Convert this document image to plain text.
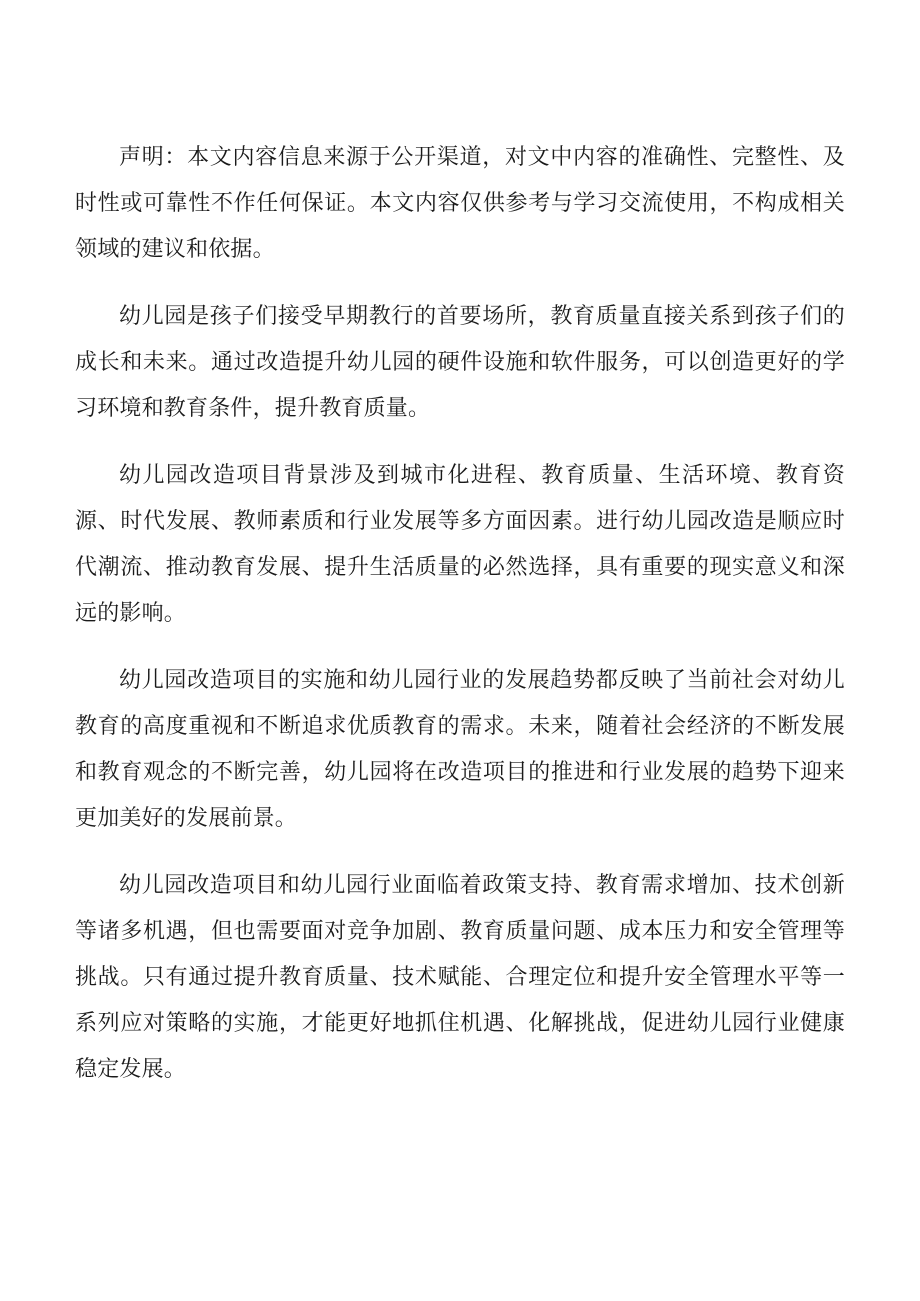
声明：本文内容信息来源于公开渠道，对文中内容的准确性、完整性、及时性或可靠性不作任何保证。本文内容仅供参考与学习交流使用，不构成相关领域的建议和依据。

幼儿园是孩子们接受早期教行的首要场所，教育质量直接关系到孩子们的成长和未来。通过改造提升幼儿园的硬件设施和软件服务，可以创造更好的学习环境和教育条件，提升教育质量。

幼儿园改造项目背景涉及到城市化进程、教育质量、生活环境、教育资源、时代发展、教师素质和行业发展等多方面因素。进行幼儿园改造是顺应时代潮流、推动教育发展、提升生活质量的必然选择，具有重要的现实意义和深远的影响。

幼儿园改造项目的实施和幼儿园行业的发展趋势都反映了当前社会对幼儿教育的高度重视和不断追求优质教育的需求。未来，随着社会经济的不断发展和教育观念的不断完善，幼儿园将在改造项目的推进和行业发展的趋势下迎来更加美好的发展前景。

幼儿园改造项目和幼儿园行业面临着政策支持、教育需求增加、技术创新等诸多机遇，但也需要面对竞争加剧、教育质量问题、成本压力和安全管理等挑战。只有通过提升教育质量、技术赋能、合理定位和提升安全管理水平等一系列应对策略的实施，才能更好地抓住机遇、化解挑战，促进幼儿园行业健康稳定发展。
